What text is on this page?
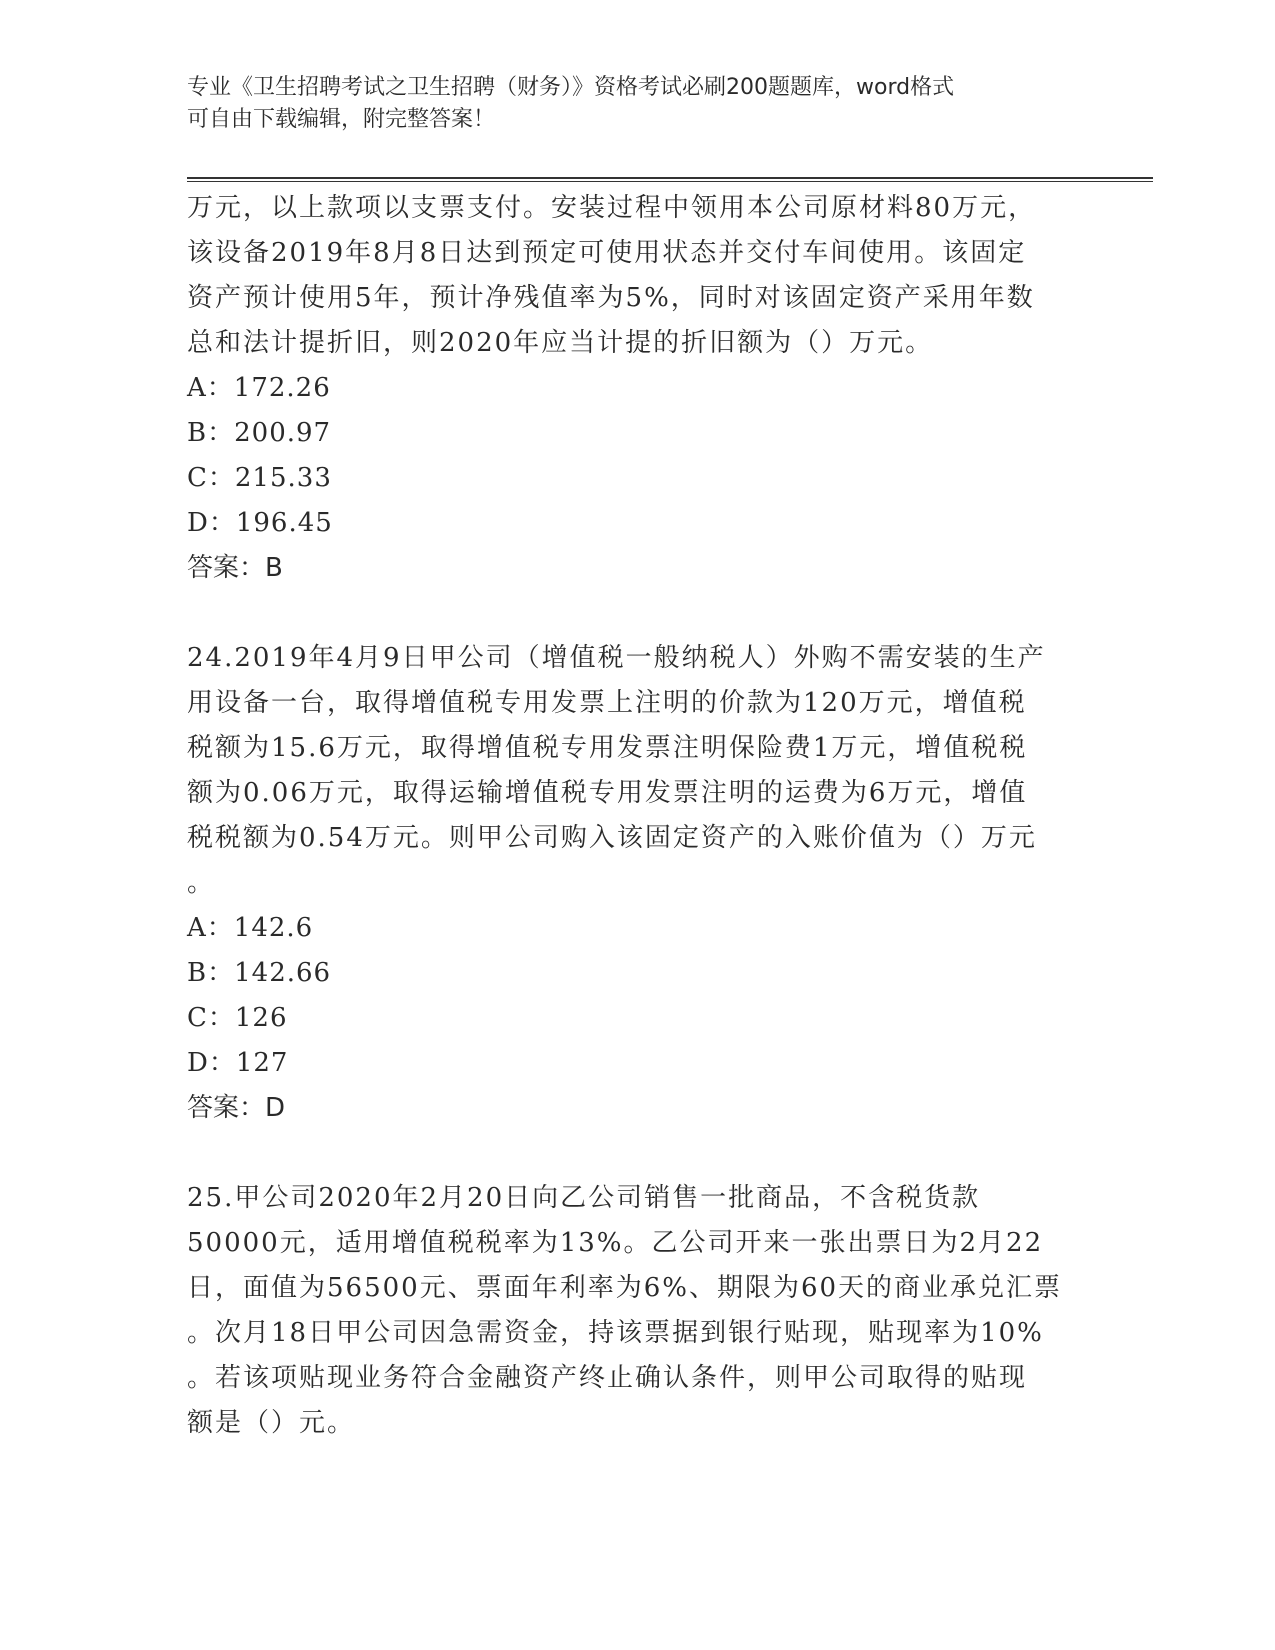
专业《卫生招聘考试之卫生招聘（财务）》资格考试必刷200题题库，word格式
可自由下载编辑，附完整答案！

万元，以上款项以支票支付。安装过程中领用本公司原材料80万元，

该设备2019年8月8日达到预定可使用状态并交付车间使用。该固定

资产预计使用5年，预计净残值率为5%，同时对该固定资产采用年数

总和法计提折旧，则2020年应当计提的折旧额为（）万元。

A：172.26

B：200.97

C：215.33

D：196.45

答案：B

24.2019年4月9日甲公司（增值税一般纳税人）外购不需安装的生产

用设备一台，取得增值税专用发票上注明的价款为120万元，增值税

税额为15.6万元，取得增值税专用发票注明保险费1万元，增值税税

额为0.06万元，取得运输增值税专用发票注明的运费为6万元，增值

税税额为0.54万元。则甲公司购入该固定资产的入账价值为（）万元

。

A：142.6

B：142.66

C：126

D：127

答案：D

25.甲公司2020年2月20日向乙公司销售一批商品，不含税货款

50000元，适用增值税税率为13%。乙公司开来一张出票日为2月22

日，面值为56500元、票面年利率为6%、期限为60天的商业承兑汇票

。次月18日甲公司因急需资金，持该票据到银行贴现，贴现率为10%

。若该项贴现业务符合金融资产终止确认条件，则甲公司取得的贴现

额是（）元。
